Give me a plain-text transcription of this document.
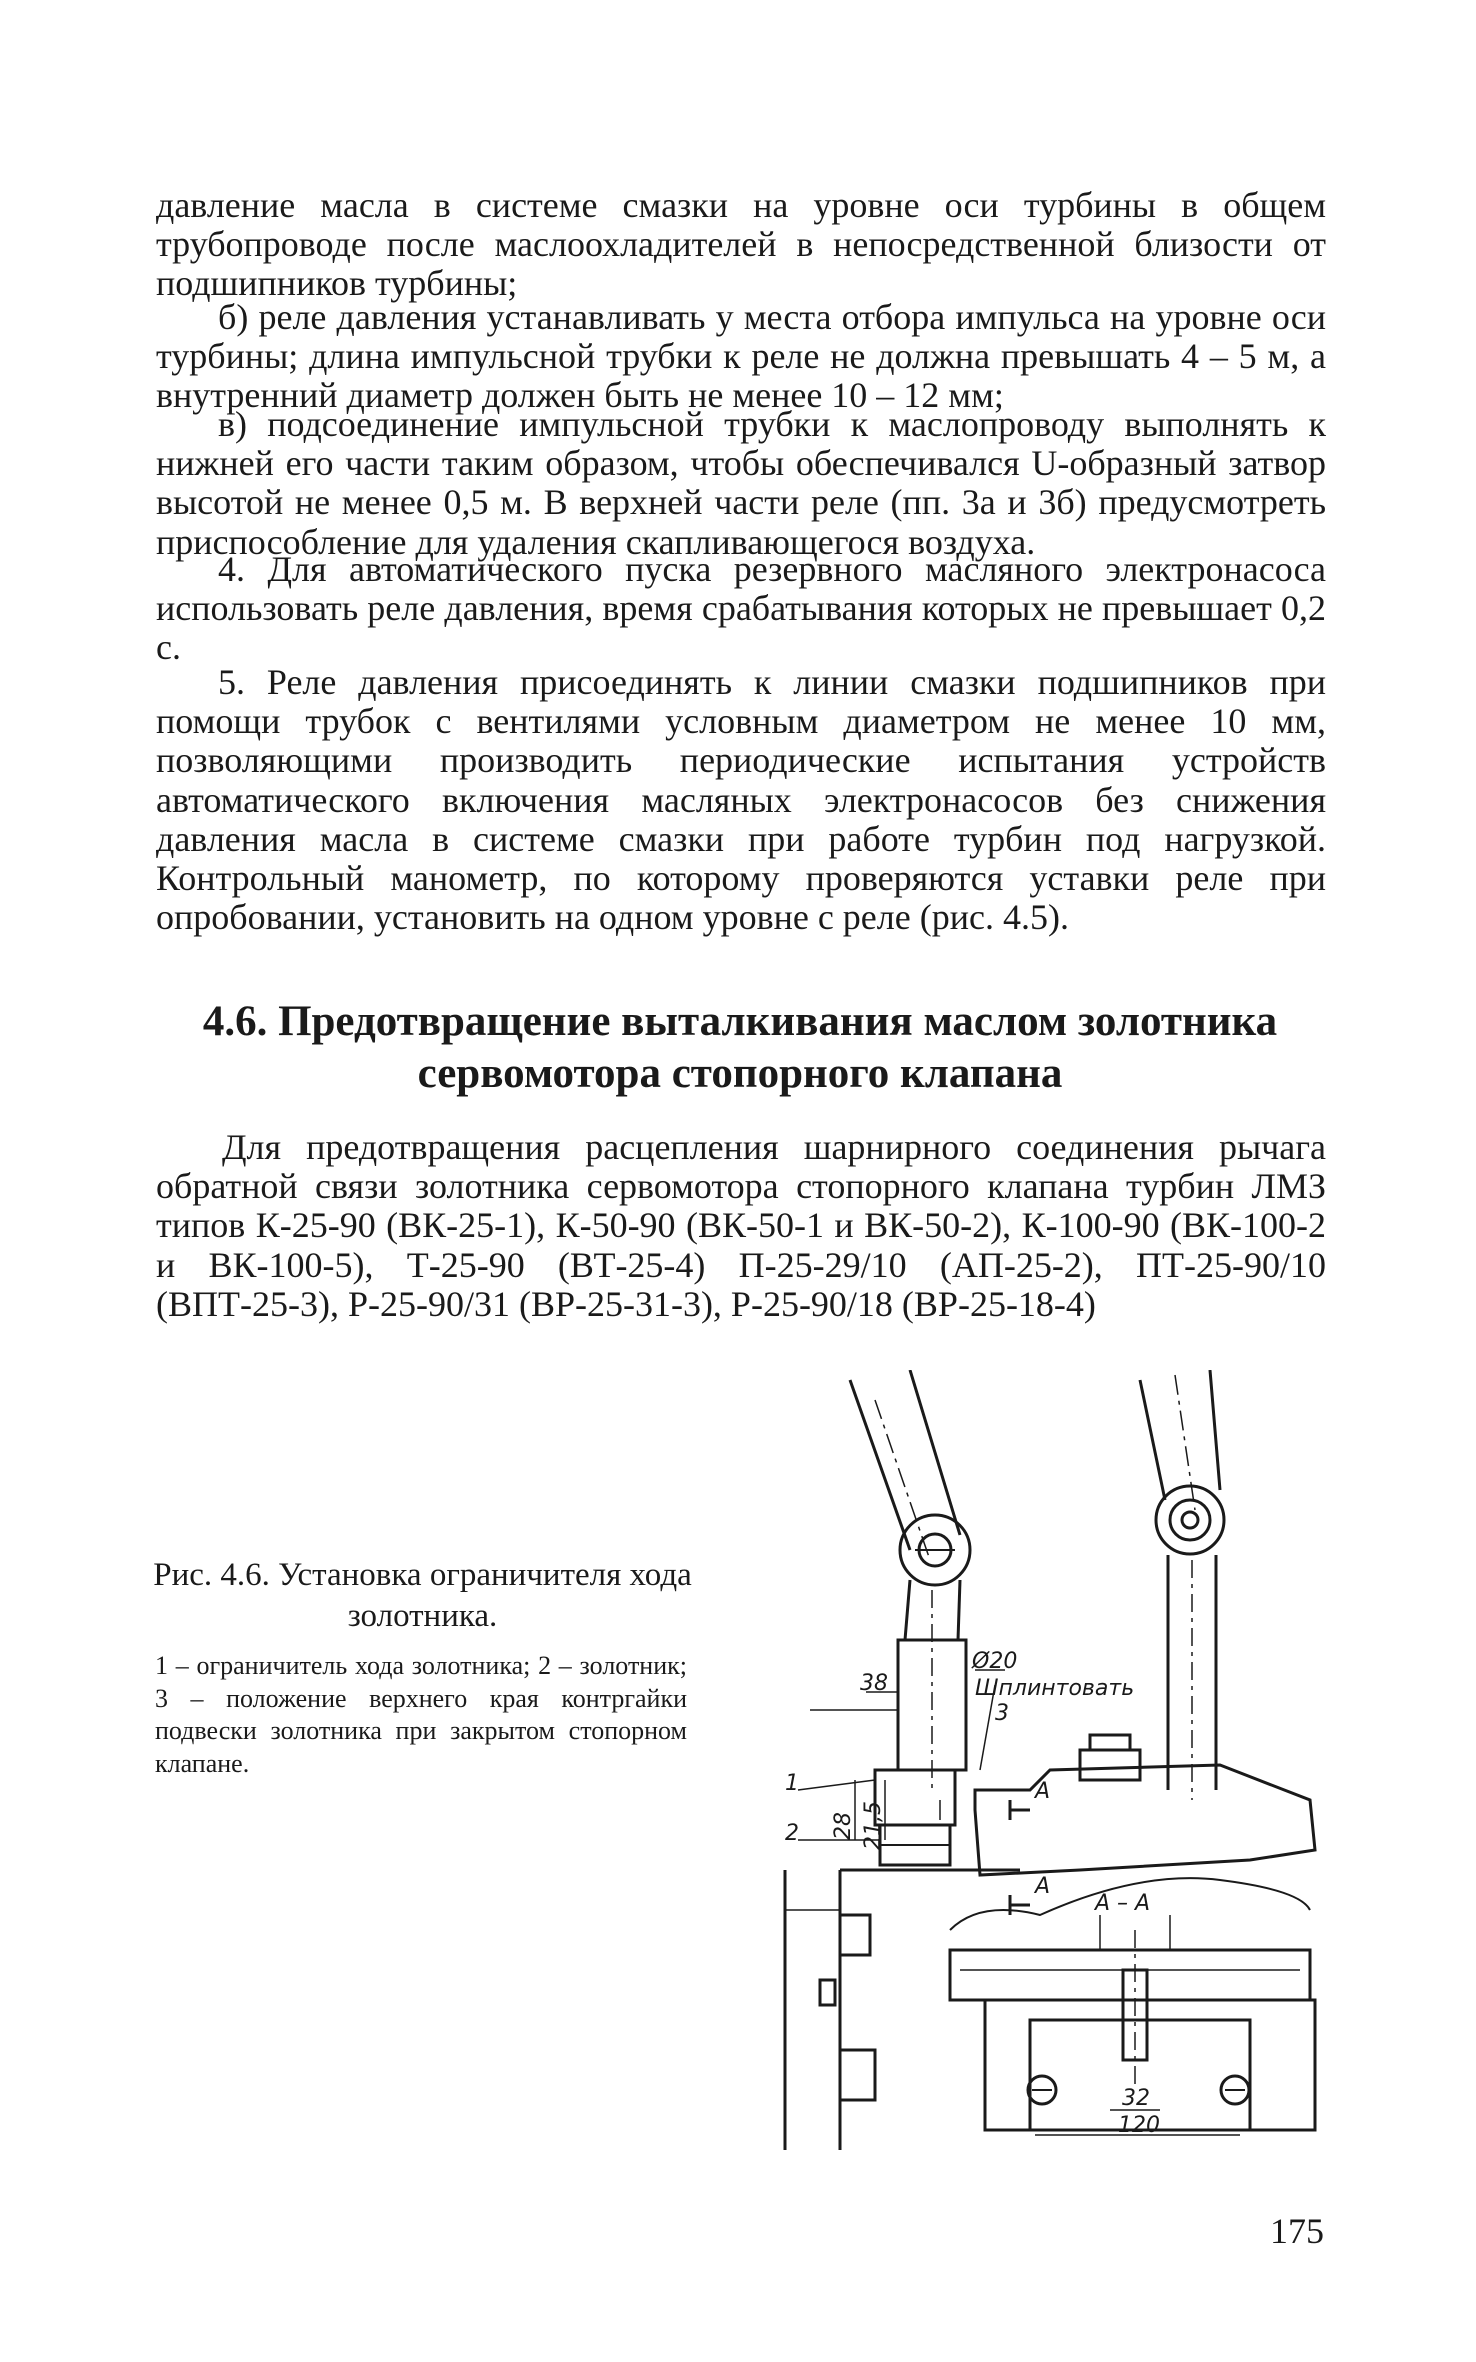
давление масла в системе смазки на уровне оси турбины в общем трубопроводе после маслоохладителей в непосредственной близости от подшипников турбины;

б) реле давления устанавливать у места отбора импульса на уровне оси турбины; длина импульсной трубки к реле не должна превышать 4 – 5 м, а внутренний диаметр должен быть не менее 10 – 12 мм;

в) подсоединение импульсной трубки к маслопроводу выполнять к нижней его части таким образом, чтобы обеспечивался U-образный затвор высотой не менее 0,5 м. В верхней части реле (пп. 3а и 3б) предусмотреть приспособление для удаления скапливающегося воздуха.

4. Для автоматического пуска резервного масляного электронасоса использовать реле давления, время срабатывания которых не превышает 0,2 с.

5. Реле давления присоединять к линии смазки подшипников при помощи трубок с вентилями условным диаметром не менее 10 мм, позволяющими производить периодические испытания устройств автоматического включения масляных электронасосов без снижения давления масла в системе смазки при работе турбин под нагрузкой. Контрольный манометр, по которому проверяются уставки реле при опробовании, установить на одном уровне с реле (рис. 4.5).

4.6. Предотвращение выталкивания маслом золотника
сервомотора стопорного клапана

Для предотвращения расцепления шарнирного соединения рычага обратной связи золотника сервомотора стопорного клапана турбин ЛМЗ типов К-25-90 (ВК-25-1), К-50-90 (ВК-50-1 и ВК-50-2), К-100-90 (ВК-100-2 и ВК-100-5), Т-25-90 (ВТ-25-4) П-25-29/10 (АП-25-2), ПТ-25-90/10 (ВПТ-25-3), Р-25-90/31 (ВР-25-31-3), Р-25-90/18 (ВР-25-18-4)

Ø20
38	Шплинтовать
3
28 21,5
1
2
A
A
A – A
32
120
Рис. 4.6. Установка ограничителя хода золотника.
1 – ограничитель хода золотника; 2 – золотник; 3 – положение верхнего края контргайки подвески золотника при закрытом стопорном клапане.
175
